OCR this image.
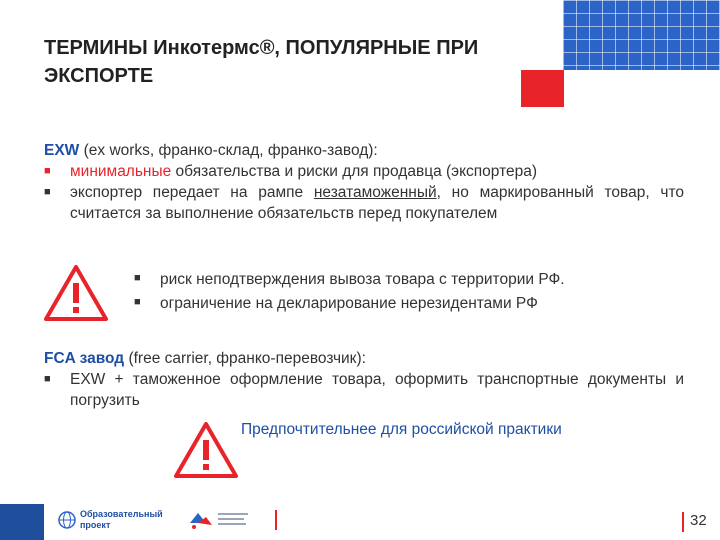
ТЕРМИНЫ Инкотермс®, ПОПУЛЯРНЫЕ ПРИ ЭКСПОРТЕ
EXW (ex works, франко-склад, франко-завод):
■ минимальные обязательства и риски для продавца (экспортера)
■ экспортер передает на рампе незатаможенный, но маркированный товар, что считается за выполнение обязательств перед покупателем
■ риск неподтверждения вывоза товара с территории РФ.
■ ограничение на декларирование нерезидентами РФ
FCA завод (free carrier, франко-перевозчик):
■ EXW + таможенное оформление товара, оформить транспортные документы и погрузить
Предпочтительнее для российской практики
Образовательный
проект	32
